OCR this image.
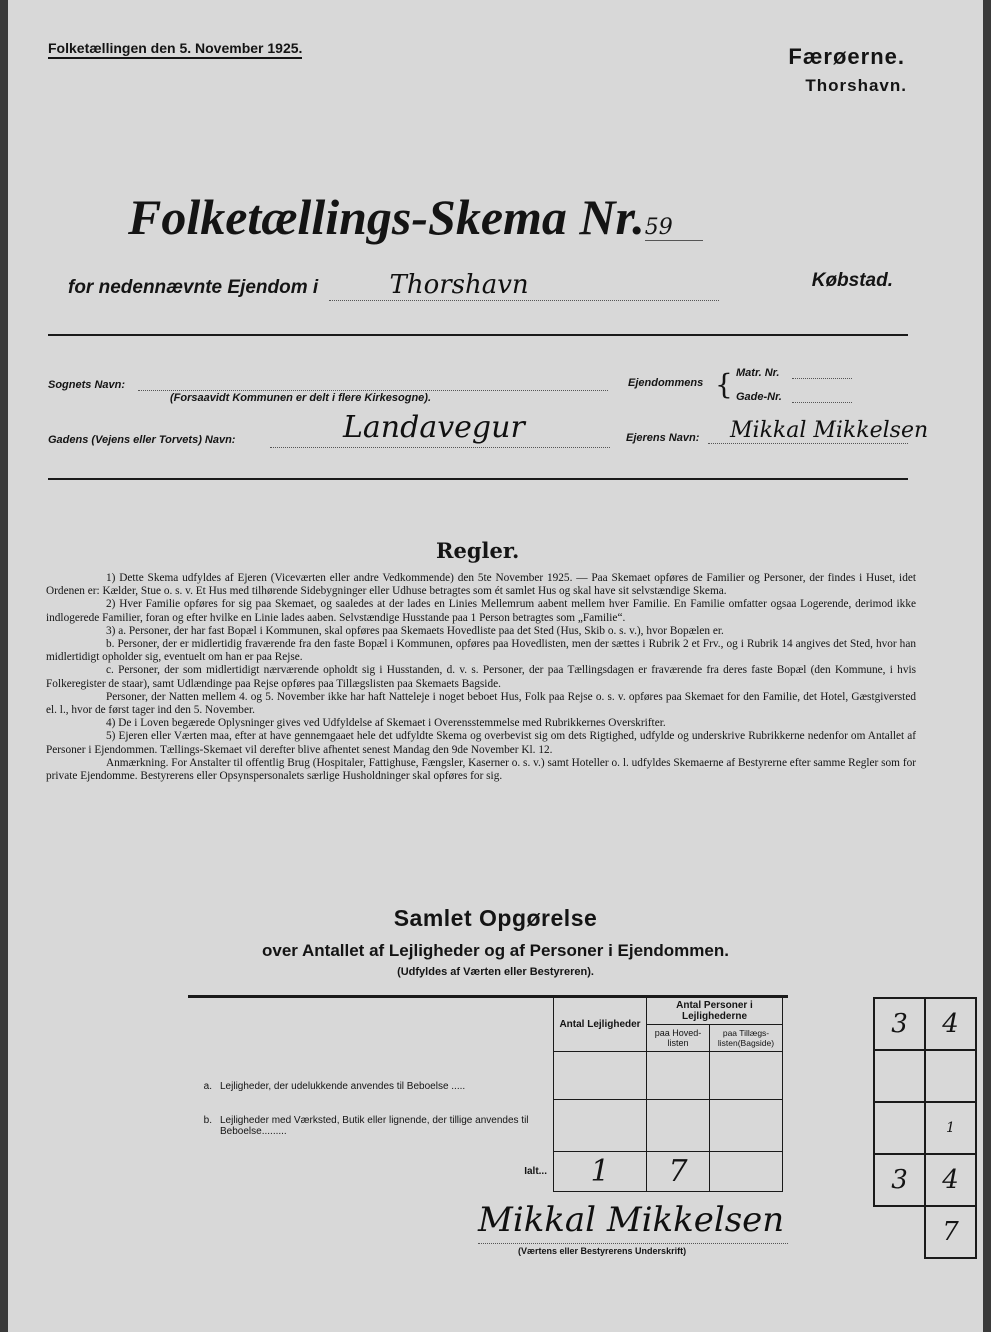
Folketællingen den 5. November 1925.	Færøerne.
Thorshavn.
Folketællings-Skema Nr.59
for nedennævnte Ejendom i	Thorshavn	Købstad.
Sognets Navn:
(Forsaavidt Kommunen er delt i flere Kirkesogne).
Ejendommens { Matr. Nr.
Gade-Nr.
Gadens (Vejens eller Torvets) Navn:	Landavegur	Ejerens Navn: Mikkal Mikkelsen
Regler.

1) Dette Skema udfyldes af Ejeren (Viceværten eller andre Vedkommende) den 5te November 1925. — Paa Skemaet opføres de Familier og Personer, der findes i Huset, idet Ordenen er: Kælder, Stue o. s. v. Et Hus med tilhørende Sidebygninger eller Udhuse betragtes som ét samlet Hus og skal have sit selvstændige Skema.

2) Hver Familie opføres for sig paa Skemaet, og saaledes at der lades en Linies Mellemrum aabent mellem hver Familie. En Familie omfatter ogsaa Logerende, derimod ikke indlogerede Familier, foran og efter hvilke en Linie lades aaben. Selvstændige Husstande paa 1 Person betragtes som „Familie“.

3) a. Personer, der har fast Bopæl i Kommunen, skal opføres paa Skemaets Hovedliste paa det Sted (Hus, Skib o. s. v.), hvor Bopælen er.

b. Personer, der er midlertidig fraværende fra den faste Bopæl i Kommunen, opføres paa Hovedlisten, men der sættes i Rubrik 2 et Frv., og i Rubrik 14 angives det Sted, hvor han midlertidigt opholder sig, eventuelt om han er paa Rejse.

c. Personer, der som midlertidigt nærværende opholdt sig i Husstanden, d. v. s. Personer, der paa Tællingsdagen er fraværende fra deres faste Bopæl (den Kommune, i hvis Folkeregister de staar), samt Udlændinge paa Rejse opføres paa Tillægslisten paa Skemaets Bagside.

Personer, der Natten mellem 4. og 5. November ikke har haft Natteleje i noget beboet Hus, Folk paa Rejse o. s. v. opføres paa Skemaet for den Familie, det Hotel, Gæstgiversted el. l., hvor de først tager ind den 5. November.

4) De i Loven begærede Oplysninger gives ved Udfyldelse af Skemaet i Overensstemmelse med Rubrikkernes Overskrifter.

5) Ejeren eller Værten maa, efter at have gennemgaaet hele det udfyldte Skema og overbevist sig om dets Rigtighed, udfylde og underskrive Rubrikkerne nedenfor om Antallet af Personer i Ejendommen. Tællings-Skemaet vil derefter blive afhentet senest Mandag den 9de November Kl. 12.

Anmærkning. For Anstalter til offentlig Brug (Hospitaler, Fattighuse, Fængsler, Kaserner o. s. v.) samt Hoteller o. l. udfyldes Skemaerne af Bestyrerne efter samme Regler som for private Ejendomme. Bestyrerens eller Opsynspersonalets særlige Husholdninger skal opføres for sig.

Samlet Opgørelse
over Antallet af Lejligheder og af Personer i Ejendommen.
(Udfyldes af Værten eller Bestyreren).
	Antal Lejligheder	Antal Personer i Lejlighederne	
		paa Hoved-listen	paa Tillægs-listen(Bagside)
a. Lejligheder, der udelukkende anvendes til Beboelse .....			

b. Lejligheder med Værksted, Butik eller lignende, der tillige anvendes til Beboelse.........			

Ialt...	1	7	
3	4

	1
3	4
	7
Mikkal Mikkelsen
(Værtens eller Bestyrerens Underskrift)
